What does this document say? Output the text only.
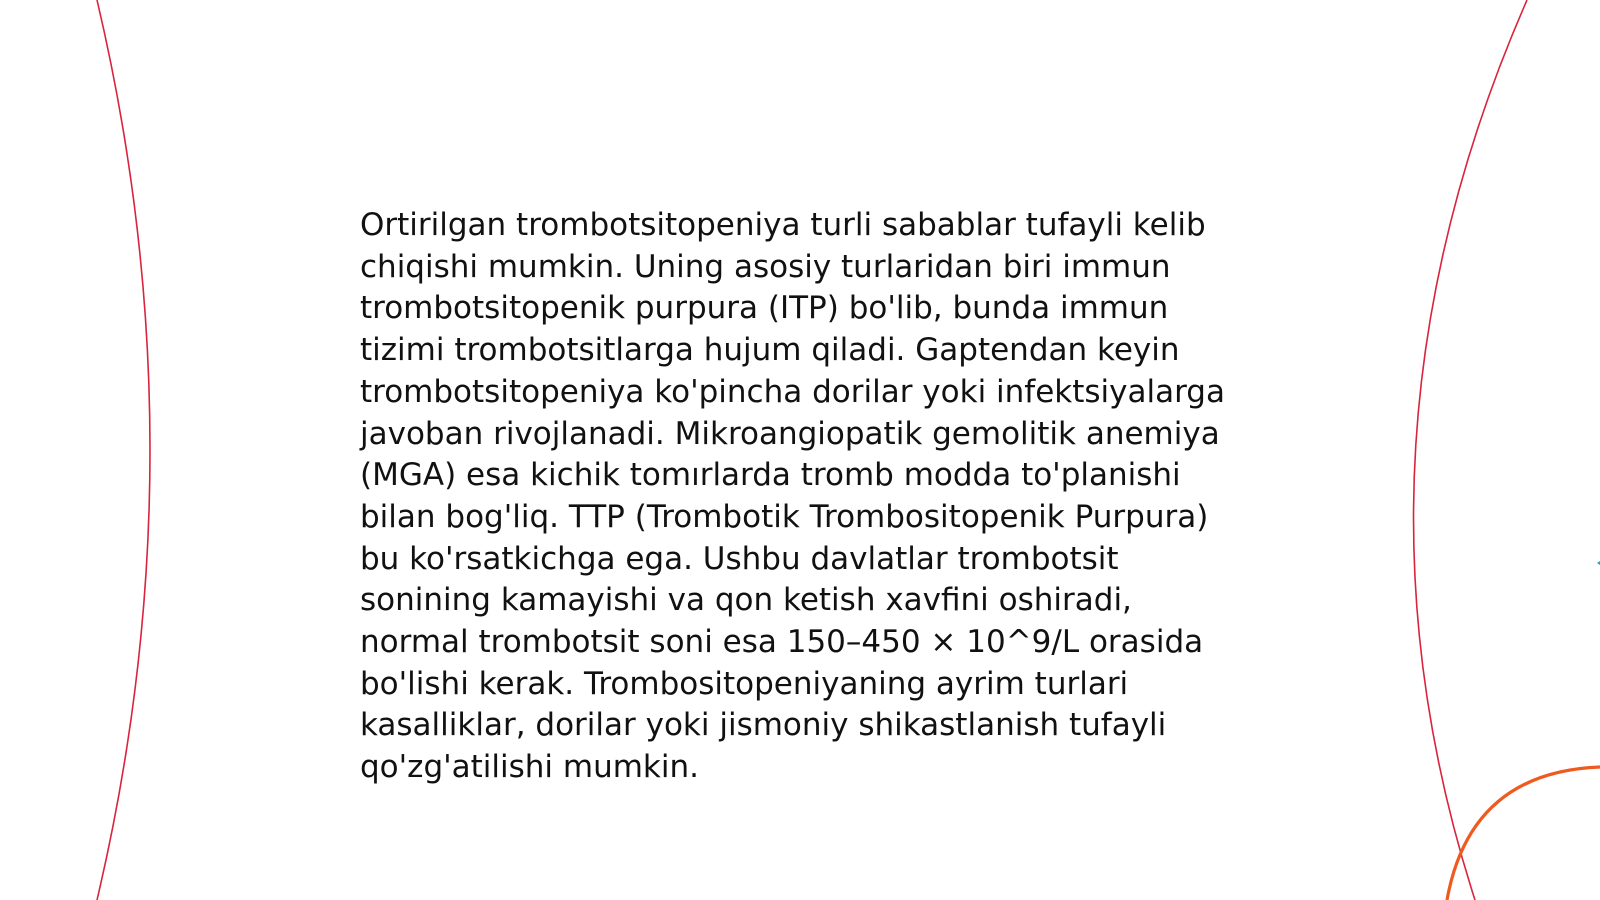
Ortirilgan trombotsitopeniya turli sabablar tufayli kelib chiqishi mumkin. Uning asosiy turlaridan biri immun trombotsitopenik purpura (ITP) bo'lib, bunda immun tizimi trombotsitlarga hujum qiladi. Gaptendan keyin trombotsitopeniya ko'pincha dorilar yoki infektsiyalarga javoban rivojlanadi. Mikroangiopatik gemolitik anemiya (MGA) esa kichik tomırlarda tromb modda to'planishi bilan bog'liq. TTP (Trombotik Trombositopenik Purpura) bu ko'rsatkichga ega. Ushbu davlatlar trombotsit sonining kamayishi va qon ketish xavfini oshiradi, normal trombotsit soni esa 150–450 × 10^9/L orasida bo'lishi kerak. Trombositopeniyaning ayrim turlari kasalliklar, dorilar yoki jismoniy shikastlanish tufayli qo'zg'atilishi mumkin.
